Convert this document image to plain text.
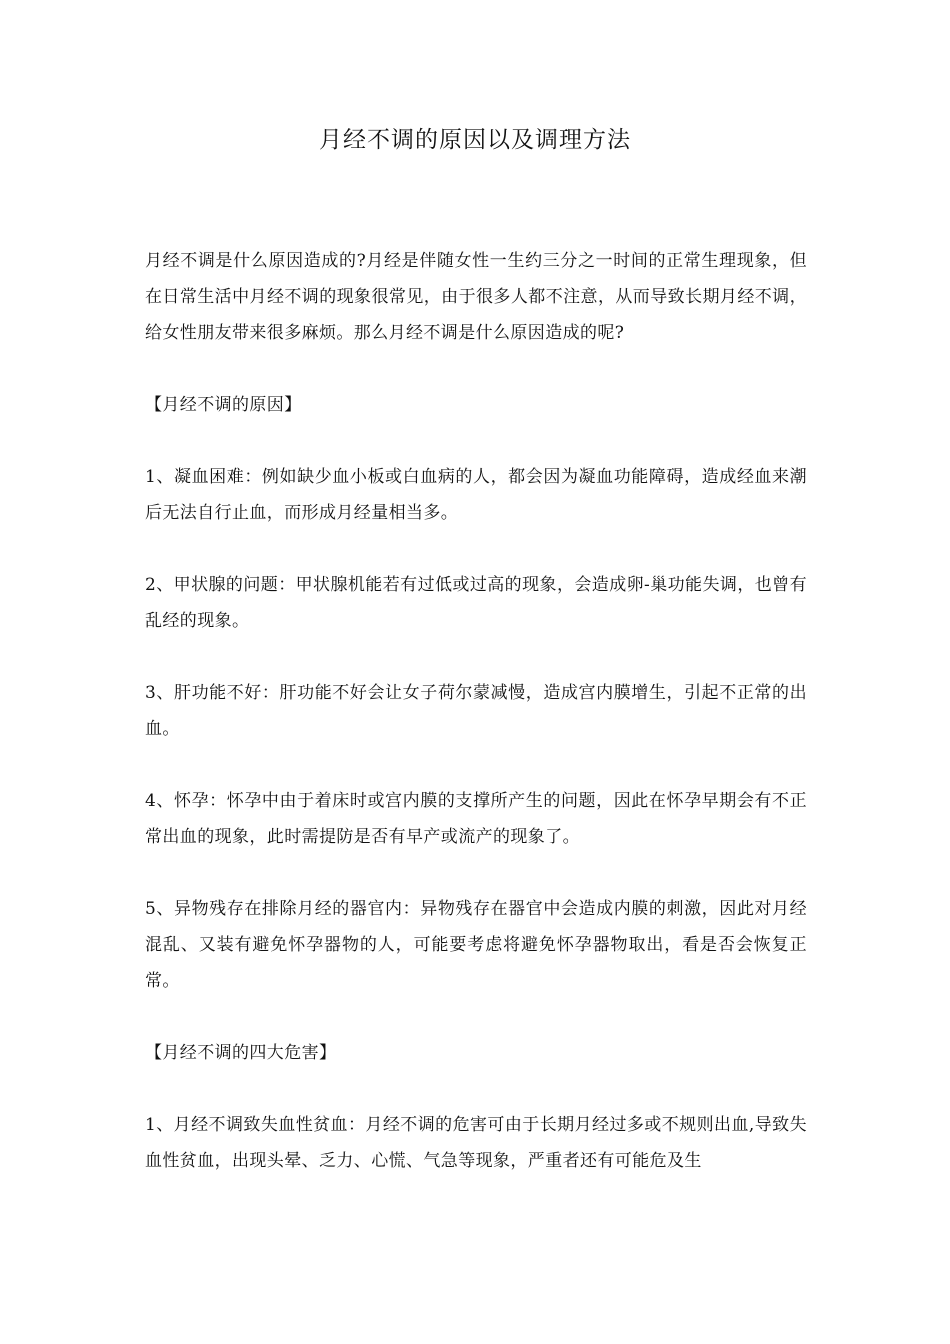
月经不调的原因以及调理方法

月经不调是什么原因造成的?月经是伴随女性一生约三分之一时间的正常生理现象，但在日常生活中月经不调的现象很常见，由于很多人都不注意，从而导致长期月经不调，给女性朋友带来很多麻烦。那么月经不调是什么原因造成的呢?

【月经不调的原因】

1、凝血困难：例如缺少血小板或白血病的人，都会因为凝血功能障碍，造成经血来潮后无法自行止血，而形成月经量相当多。

2、甲状腺的问题：甲状腺机能若有过低或过高的现象，会造成卵-巢功能失调，也曾有乱经的现象。

3、肝功能不好：肝功能不好会让女子荷尔蒙减慢，造成宫内膜增生，引起不正常的出血。

4、怀孕：怀孕中由于着床时或宫内膜的支撑所产生的问题，因此在怀孕早期会有不正常出血的现象，此时需提防是否有早产或流产的现象了。

5、异物残存在排除月经的器官内：异物残存在器官中会造成内膜的刺激，因此对月经混乱、又装有避免怀孕器物的人，可能要考虑将避免怀孕器物取出，看是否会恢复正常。

【月经不调的四大危害】

1、月经不调致失血性贫血：月经不调的危害可由于长期月经过多或不规则出血,导致失血性贫血，出现头晕、乏力、心慌、气急等现象，严重者还有可能危及生
